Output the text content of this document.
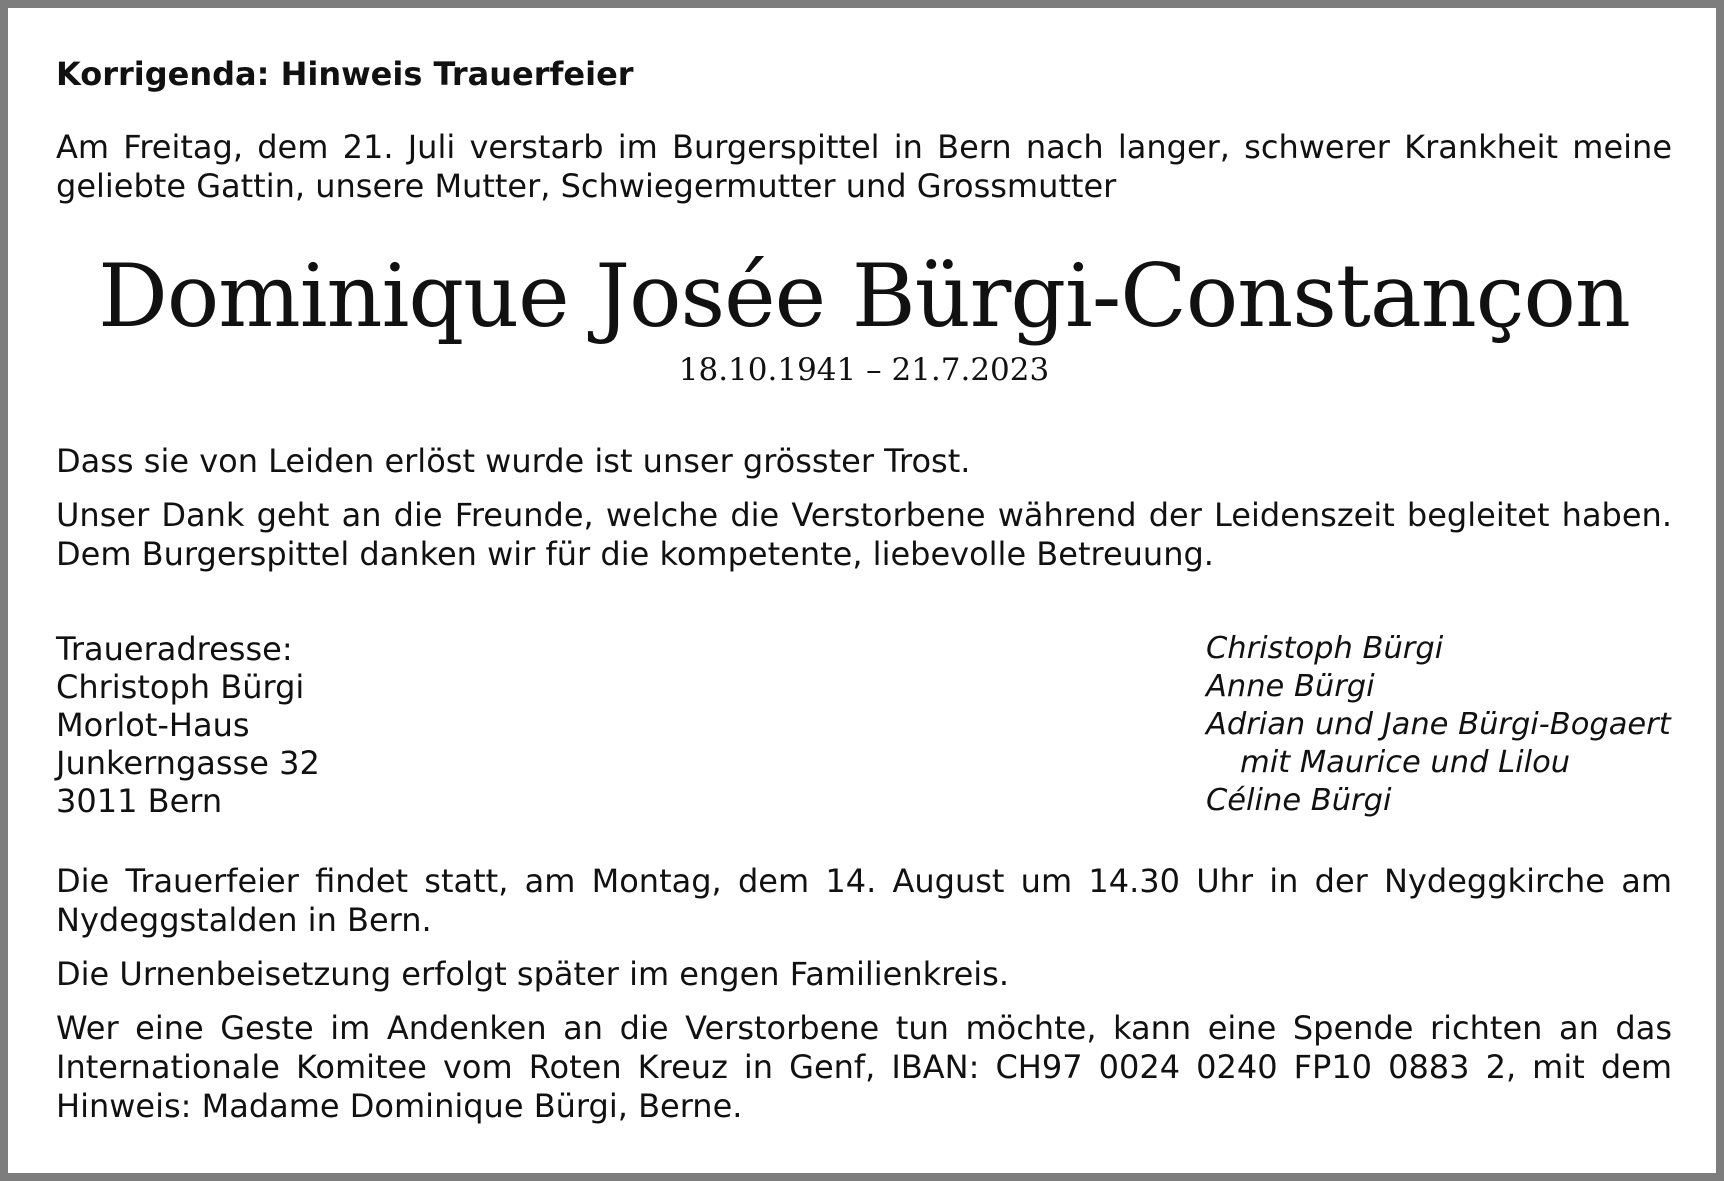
Korrigenda: Hinweis Trauerfeier

Am Freitag, dem 21. Juli verstarb im Burgerspittel in Bern nach langer, schwerer Krankheit meine geliebte Gattin, unsere Mutter, Schwiegermutter und Grossmutter

Dominique Josée Bürgi-Constançon
18.10.1941 – 21.7.2023

Dass sie von Leiden erlöst wurde ist unser grösster Trost.

Unser Dank geht an die Freunde, welche die Verstorbene während der Leidenszeit begleitet haben. Dem Burgerspittel danken wir für die kompetente, liebevolle Betreuung.

Traueradresse:
Christoph Bürgi
Morlot-Haus
Junkerngasse 32
3011 Bern
Christoph Bürgi
Anne Bürgi
Adrian und Jane Bürgi-Bogaert
mit Maurice und Lilou
Céline Bürgi

Die Trauerfeier findet statt, am Montag, dem 14. August um 14.30 Uhr in der Nydeggkirche am Nydeggstalden in Bern.

Die Urnenbeisetzung erfolgt später im engen Familienkreis.

Wer eine Geste im Andenken an die Verstorbene tun möchte, kann eine Spende richten an das Internationale Komitee vom Roten Kreuz in Genf, IBAN: CH97 0024 0240 FP10 0883 2, mit dem Hinweis: Madame Dominique Bürgi, Berne.
